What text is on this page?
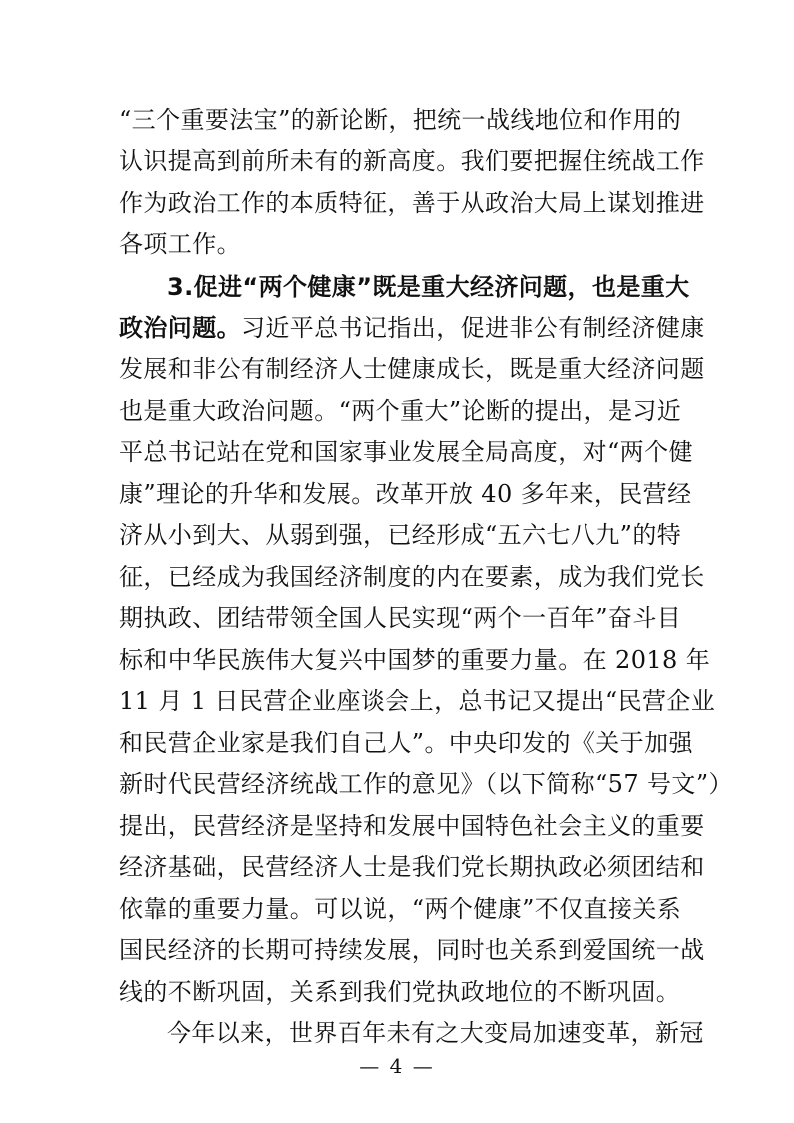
“三个重要法宝”的新论断，把统一战线地位和作用的
认识提高到前所未有的新高度。我们要把握住统战工作
作为政治工作的本质特征，善于从政治大局上谋划推进
各项工作。
3.促进“两个健康”既是重大经济问题，也是重大
政治问题。习近平总书记指出，促进非公有制经济健康
发展和非公有制经济人士健康成长，既是重大经济问题
也是重大政治问题。“两个重大”论断的提出，是习近
平总书记站在党和国家事业发展全局高度，对“两个健
康”理论的升华和发展。改革开放 40 多年来，民营经
济从小到大、从弱到强，已经形成“五六七八九”的特
征，已经成为我国经济制度的内在要素，成为我们党长
期执政、团结带领全国人民实现“两个一百年”奋斗目
标和中华民族伟大复兴中国梦的重要力量。在 2018 年
11 月 1 日民营企业座谈会上，总书记又提出“民营企业
和民营企业家是我们自己人”。中央印发的《关于加强
新时代民营经济统战工作的意见》（以下简称“57 号文”）
提出，民营经济是坚持和发展中国特色社会主义的重要
经济基础，民营经济人士是我们党长期执政必须团结和
依靠的重要力量。可以说，“两个健康”不仅直接关系
国民经济的长期可持续发展，同时也关系到爱国统一战
线的不断巩固，关系到我们党执政地位的不断巩固。
今年以来，世界百年未有之大变局加速变革，新冠
— 4 —
